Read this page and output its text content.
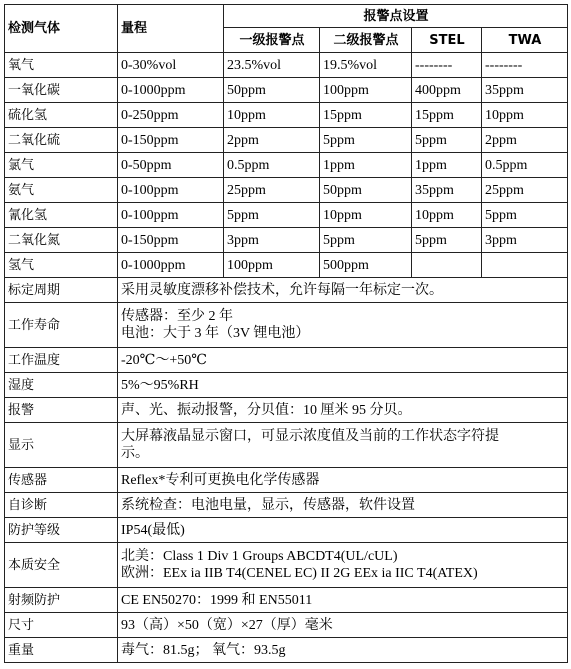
检测气体	量程	报警点设置			
		一级报警点	二级报警点	STEL	TWA
氧气	0-30%vol	23.5%vol	19.5%vol	--------	--------
一氧化碳	0-1000ppm	50ppm	100ppm	400ppm	35ppm
硫化氢	0-250ppm	10ppm	15ppm	15ppm	10ppm
二氧化硫	0-150ppm	2ppm	5ppm	5ppm	2ppm
氯气	0-50ppm	0.5ppm	1ppm	1ppm	0.5ppm
氨气	0-100ppm	25ppm	50ppm	35ppm	25ppm
氰化氢	0-100ppm	5ppm	10ppm	10ppm	5ppm
二氧化氮	0-150ppm	3ppm	5ppm	5ppm	3ppm
氢气	0-1000ppm	100ppm	500ppm		
标定周期	采用灵敏度漂移补偿技术，允许每隔一年标定一次。				

工作寿命	传感器：至少 2 年
电池：大于 3 年（3V 锂电池）				

工作温度	-20℃～+50℃				

湿度	5%～95%RH				

报警	声、光、振动报警，分贝值：10 厘米 95 分贝。				

显示	大屏幕液晶显示窗口，可显示浓度值及当前的工作状态字符提
示。				

传感器	Reflex*专利可更换电化学传感器				

自诊断	系统检查：电池电量，显示，传感器，软件设置				

防护等级	IP54(最低)				

本质安全	北美：Class 1 Div 1 Groups ABCDT4(UL/cUL)
欧洲：EEx ia IIB T4(CENEL EC) II 2G EEx ia IIC T4(ATEX)				

射频防护	CE EN50270：1999 和 EN55011				

尺寸	93（高）×50（宽）×27（厚）毫米				

重量	毒气：81.5g； 氧气：93.5g				
